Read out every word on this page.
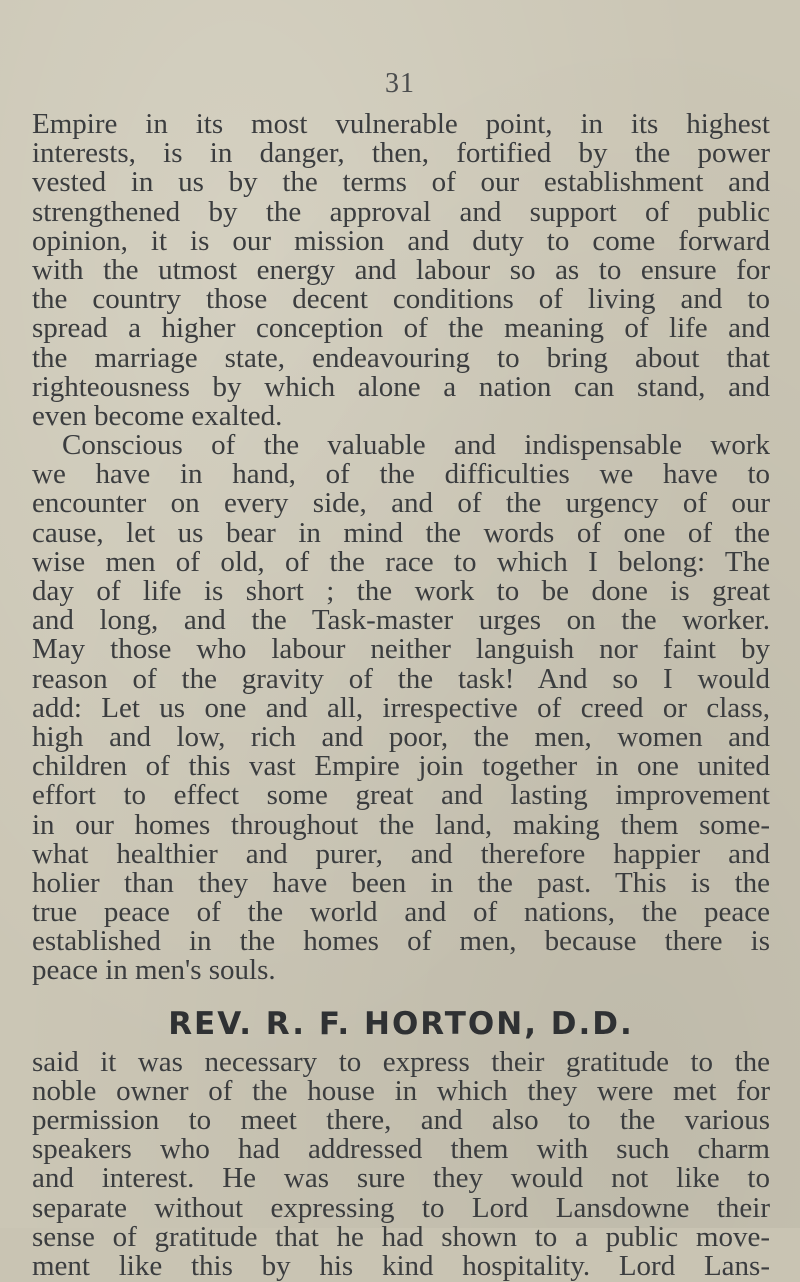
31
Empire in its most vulnerable point, in its highest
interests, is in danger, then, fortified by the power
vested in us by the terms of our establishment and
strengthened by the approval and support of public
opinion, it is our mission and duty to come forward
with the utmost energy and labour so as to ensure for
the country those decent conditions of living and to
spread a higher conception of the meaning of life and
the marriage state, endeavouring to bring about that
righteousness by which alone a nation can stand, and
even become exalted.
Conscious of the valuable and indispensable work
we have in hand, of the difficulties we have to
encounter on every side, and of the urgency of our
cause, let us bear in mind the words of one of the
wise men of old, of the race to which I belong: The
day of life is short ; the work to be done is great
and long, and the Task-master urges on the worker.
May those who labour neither languish nor faint by
reason of the gravity of the task! And so I would
add: Let us one and all, irrespective of creed or class,
high and low, rich and poor, the men, women and
children of this vast Empire join together in one united
effort to effect some great and lasting improvement
in our homes throughout the land, making them some-
what healthier and purer, and therefore happier and
holier than they have been in the past. This is the
true peace of the world and of nations, the peace
established in the homes of men, because there is
peace in men's souls.
REV. R. F. HORTON, D.D.
said it was necessary to express their gratitude to the
noble owner of the house in which they were met for
permission to meet there, and also to the various
speakers who had addressed them with such charm
and interest. He was sure they would not like to
separate without expressing to Lord Lansdowne their
sense of gratitude that he had shown to a public move-
ment like this by his kind hospitality. Lord Lans-
